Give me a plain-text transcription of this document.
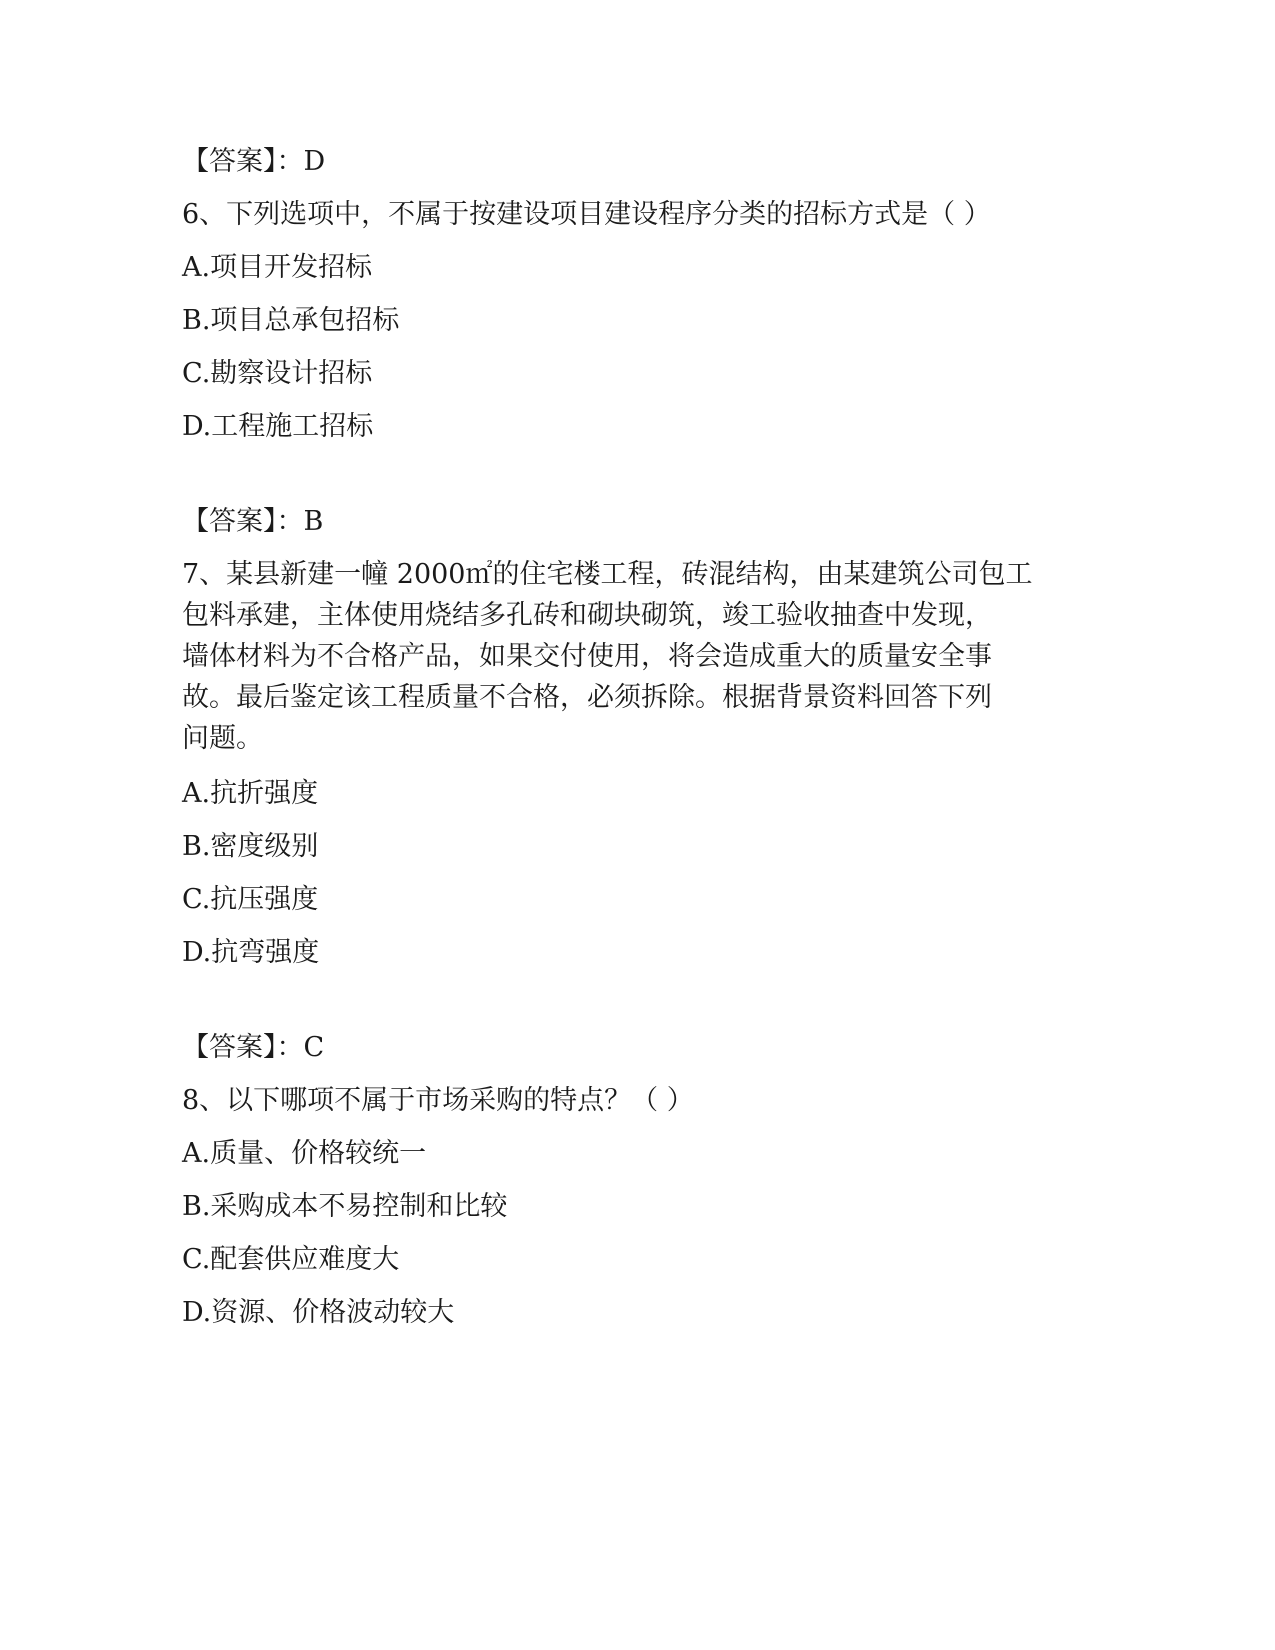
【答案】：D
6、下列选项中，不属于按建设项目建设程序分类的招标方式是（ ）
A.项目开发招标
B.项目总承包招标
C.勘察设计招标
D.工程施工招标
【答案】：B
7、某县新建一幢 2000㎡的住宅楼工程，砖混结构，由某建筑公司包工
包料承建，主体使用烧结多孔砖和砌块砌筑，竣工验收抽查中发现，
墙体材料为不合格产品，如果交付使用，将会造成重大的质量安全事
故。最后鉴定该工程质量不合格，必须拆除。根据背景资料回答下列
问题。
A.抗折强度
B.密度级别
C.抗压强度
D.抗弯强度
【答案】：C
8、以下哪项不属于市场采购的特点？（ ）
A.质量、价格较统一
B.采购成本不易控制和比较
C.配套供应难度大
D.资源、价格波动较大
